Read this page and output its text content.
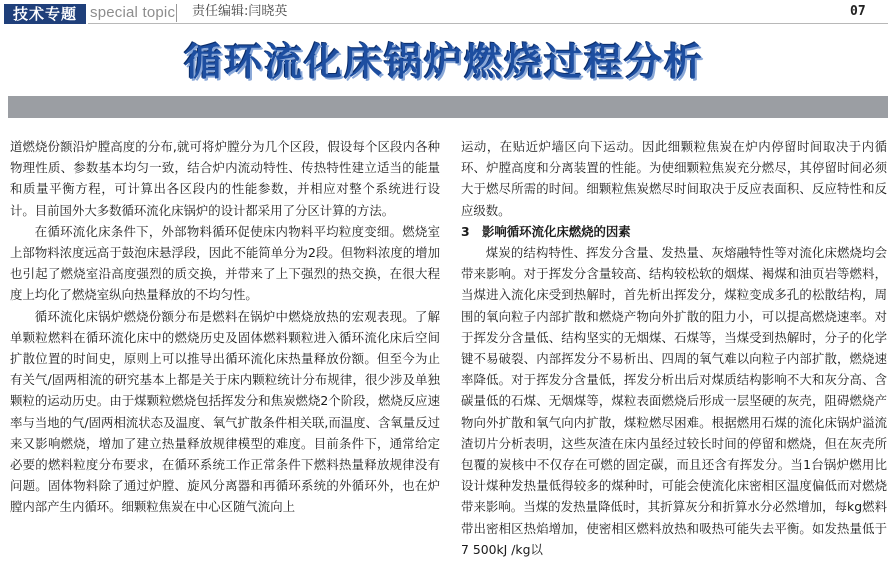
技术专题 special topic 责任编辑:闫晓英	07
循环流化床锅炉燃烧过程分析

道燃烧份额沿炉膛高度的分布,就可将炉膛分为几个区段，假设每个区段内各种物理性质、参数基本均匀一致，结合炉内流动特性、传热特性建立适当的能量和质量平衡方程，可计算出各区段内的性能参数，并相应对整个系统进行设计。目前国外大多数循环流化床锅炉的设计都采用了分区计算的方法。

在循环流化床条件下，外部物料循环促使床内物料平均粒度变细。燃烧室上部物料浓度远高于鼓泡床悬浮段，因此不能简单分为2段。但物料浓度的增加也引起了燃烧室沿高度强烈的质交换，并带来了上下强烈的热交换，在很大程度上均化了燃烧室纵向热量释放的不均匀性。

循环流化床锅炉燃烧份额分布是燃料在锅炉中燃烧放热的宏观表现。了解单颗粒燃料在循环流化床中的燃烧历史及固体燃料颗粒进入循环流化床后空间扩散位置的时间史，原则上可以推导出循环流化床热量释放份额。但至今为止有关气/固两相流的研究基本上都是关于床内颗粒统计分布规律，很少涉及单独颗粒的运动历史。由于煤颗粒燃烧包括挥发分和焦炭燃烧2个阶段，燃烧反应速率与当地的气/固两相流状态及温度、氧气扩散条件相关联,而温度、含氧量反过来又影响燃烧，增加了建立热量释放规律模型的难度。目前条件下，通常给定必要的燃料粒度分布要求，在循环系统工作正常条件下燃料热量释放规律没有问题。固体物料除了通过炉膛、旋风分离器和再循环系统的外循环外，也在炉膛内部产生内循环。细颗粒焦炭在中心区随气流向上

运动，在贴近炉墙区向下运动。因此细颗粒焦炭在炉内停留时间取决于内循环、炉膛高度和分离装置的性能。为使细颗粒焦炭充分燃尽，其停留时间必须大于燃尽所需的时间。细颗粒焦炭燃尽时间取决于反应表面积、反应特性和反应级数。

3　影响循环流化床燃烧的因素

煤炭的结构特性、挥发分含量、发热量、灰熔融特性等对流化床燃烧均会带来影响。对于挥发分含量较高、结构较松软的烟煤、褐煤和油页岩等燃料，当煤进入流化床受到热解时，首先析出挥发分，煤粒变成多孔的松散结构，周围的氧向粒子内部扩散和燃烧产物向外扩散的阻力小，可以提高燃烧速率。对于挥发分含量低、结构坚实的无烟煤、石煤等，当煤受到热解时，分子的化学键不易破裂、内部挥发分不易析出、四周的氧气难以向粒子内部扩散，燃烧速率降低。对于挥发分含量低，挥发分析出后对煤质结构影响不大和灰分高、含碳量低的石煤、无烟煤等，煤粒表面燃烧后形成一层坚硬的灰壳，阻碍燃烧产物向外扩散和氧气向内扩散，煤粒燃尽困难。根据燃用石煤的流化床锅炉溢流渣切片分析表明，这些灰渣在床内虽经过较长时间的停留和燃烧，但在灰壳所包覆的炭核中不仅存在可燃的固定碳，而且还含有挥发分。当1台锅炉燃用比设计煤种发热量低得较多的煤种时，可能会使流化床密相区温度偏低而对燃烧带来影响。当煤的发热量降低时，其折算灰分和折算水分必然增加，每kg燃料带出密相区热焰增加，使密相区燃料放热和吸热可能失去平衡。如发热量低于7 500kJ /kg以
